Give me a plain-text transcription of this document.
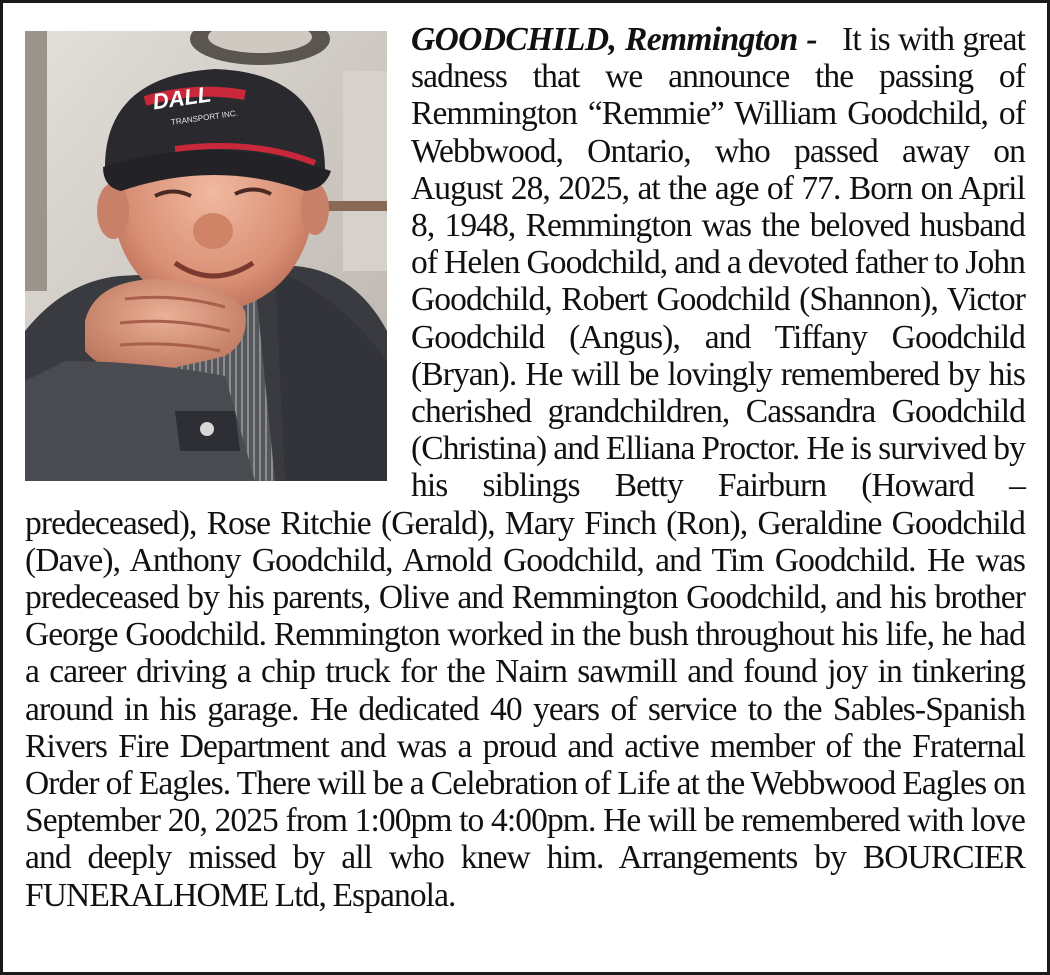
DALL
TRANSPORT INC.

GOODCHILD, Remmington - It is with great sadness that we announce the passing of Remmington “Remmie” William Goodchild, of Webbwood, Ontario, who passed away on August 28, 2025, at the age of 77. Born on April 8, 1948, Remmington was the beloved husband of Helen Goodchild, and a devoted father to John Goodchild, Robert Goodchild (Shannon), Victor Goodchild (Angus), and Tiffany Goodchild (Bryan). He will be lovingly remembered by his cherished grandchildren, Cassandra Goodchild (Christina) and Elliana Proctor. He is survived by his siblings Betty Fairburn (Howard – predeceased), Rose Ritchie (Gerald), Mary Finch (Ron), Geraldine Goodchild (Dave), Anthony Goodchild, Arnold Goodchild, and Tim Goodchild. He was predeceased by his parents, Olive and Remmington Goodchild, and his brother George Goodchild. Remmington worked in the bush throughout his life, he had a career driving a chip truck for the Nairn sawmill and found joy in tinkering around in his garage. He dedicated 40 years of service to the Sables-Spanish Rivers Fire Department and was a proud and active member of the Fraternal Order of Eagles. There will be a Celebration of Life at the Webbwood Eagles on September 20, 2025 from 1:00pm to 4:00pm. He will be remembered with love and deeply missed by all who knew him. Arrangements by BOURCIER FUNERALHOME Ltd, Espanola.
